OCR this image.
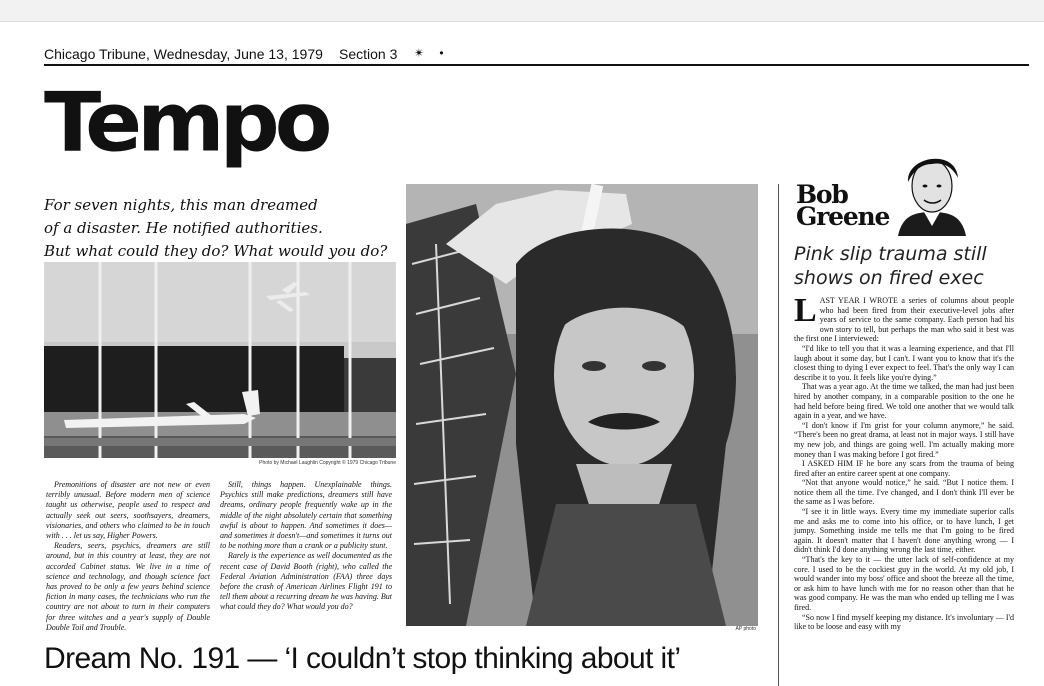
Chicago Tribune, Wednesday, June 13, 1979 Section 3 ✴ •
Tempo
For seven nights, this man dreamed
of a disaster. He notified authorities.
But what could they do? What would you do?
Photo by Michael Laughlin Copyright © 1979 Chicago Tribune

Premonitions of disaster are not new or even terribly unusual. Before modern men of science taught us otherwise, people used to respect and actually seek out seers, soothsayers, dreamers, visionaries, and others who claimed to be in touch with . . . let us say, Higher Powers.

Readers, seers, psychics, dreamers are still around, but in this country at least, they are not accorded Cabinet status. We live in a time of science and technology, and though science fact has proved to be only a few years behind science fiction in many cases, the technicians who run the country are not about to turn in their computers for three witches and a year's supply of Double Double Toil and Trouble.

Still, things happen. Unexplainable things. Psychics still make predictions, dreamers still have dreams, ordinary people frequently wake up in the middle of the night absolutely certain that something awful is about to happen. And sometimes it does—and sometimes it doesn't—and sometimes it turns out to be nothing more than a crank or a publicity stunt.

Rarely is the experience as well documented as the recent case of David Booth (right), who called the Federal Aviation Administration (FAA) three days before the crash of American Airlines Flight 191 to tell them about a recurring dream he was having. But what could they do? What would you do?

AP photo
Dream No. 191 — ‘I couldn’t stop thinking about it’
Bob
Greene
Pink slip trauma still
shows on fired exec

LAST YEAR I WROTE a series of columns about people who had been fired from their executive-level jobs after years of service to the same company. Each person had his own story to tell, but perhaps the man who said it best was the first one I interviewed:

“I'd like to tell you that it was a learning experience, and that I'll laugh about it some day, but I can't. I want you to know that it's the closest thing to dying I ever expect to feel. That's the only way I can describe it to you. It feels like you're dying.”

That was a year ago. At the time we talked, the man had just been hired by another company, in a comparable position to the one he had held before being fired. We told one another that we would talk again in a year, and we have.

“I don't know if I'm grist for your column anymore,” he said. “There's been no great drama, at least not in major ways. I still have my new job, and things are going well. I'm actually making more money than I was making before I got fired.”

I ASKED HIM IF he bore any scars from the trauma of being fired after an entire career spent at one company.

“Not that anyone would notice,” he said. “But I notice them. I notice them all the time. I've changed, and I don't think I'll ever be the same as I was before.

“I see it in little ways. Every time my immediate superior calls me and asks me to come into his office, or to have lunch, I get jumpy. Something inside me tells me that I'm going to be fired again. It doesn't matter that I haven't done anything wrong — I didn't think I'd done anything wrong the last time, either.

“That's the key to it — the utter lack of self-confidence at my core. I used to be the cockiest guy in the world. At my old job, I would wander into my boss' office and shoot the breeze all the time, or ask him to have lunch with me for no reason other than that he was good company. He was the man who ended up telling me I was fired.

“So now I find myself keeping my distance. It's involuntary — I'd like to be loose and easy with my
